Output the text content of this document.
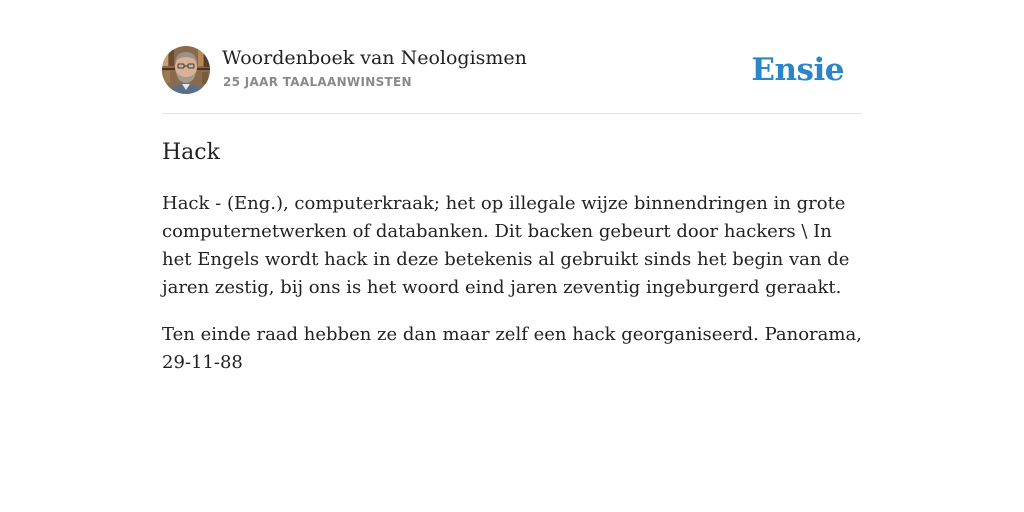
Woordenboek van Neologismen
25 JAAR TAALAANWINSTEN	Ensie
Hack

Hack - (Eng.), computerkraak; het op illegale wijze binnendringen in grote computernetwerken of databanken. Dit backen gebeurt door hackers \ In het Engels wordt hack in deze betekenis al gebruikt sinds het begin van de jaren zestig, bij ons is het woord eind jaren zeventig ingeburgerd geraakt.

Ten einde raad hebben ze dan maar zelf een hack georganiseerd. Panorama, 29-11-88
